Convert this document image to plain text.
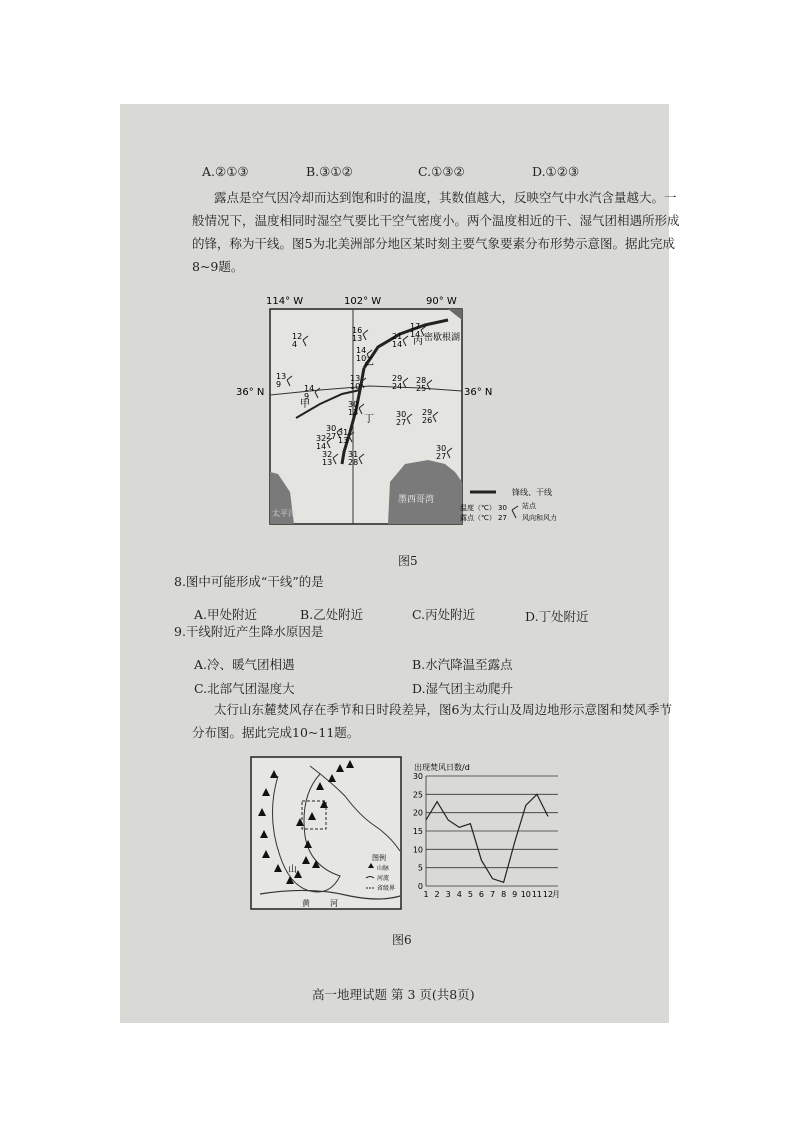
A.②①③	B.③①②	C.①③②	D.①②③
露点是空气因冷却而达到饱和时的温度，其数值越大，反映空气中水汽含量越大。一
般情况下，温度相同时湿空气要比干空气密度小。两个温度相近的干、湿气团相遇所形成
的锋，称为干线。图5为北美洲部分地区某时刻主要气象要素分布形势示意图。据此完成
8~9题。
114° W	102° W	90° W
36° N	36° N
太平洋
墨西哥湾
密歇根湖
甲
乙
丙
丁
12
4
16
13
17
14
21
14
14
10
13
9
13
10
14
9
29
24
28
25
30
13	30
27
29
26
30
27
32
14
31
13
32
13
31
28
30
27
锋线、干线
温度（℃）
露点（℃）
30
27
站点
风向和风力
图5
8.图中可能形成“干线”的是
A.甲处附近	B.乙处附近	C.丙处附近	D.丁处附近
9.干线附近产生降水原因是
A.冷、暖气团相遇	B.水汽降温至露点
C.北部气团湿度大	D.湿气团主动爬升
太行山东麓焚风存在季节和日时段差异，图6为太行山及周边地形示意图和焚风季节
分布图。据此完成10~11题。
山
黄	河
图例
山脉
河流
省级界
出现焚风日数/d
0
5
10
15
20
25
30
1 2 3 4 5 6 7 8 9 10 11 12
月
图6
高一地理试题 第 3 页(共8页)
